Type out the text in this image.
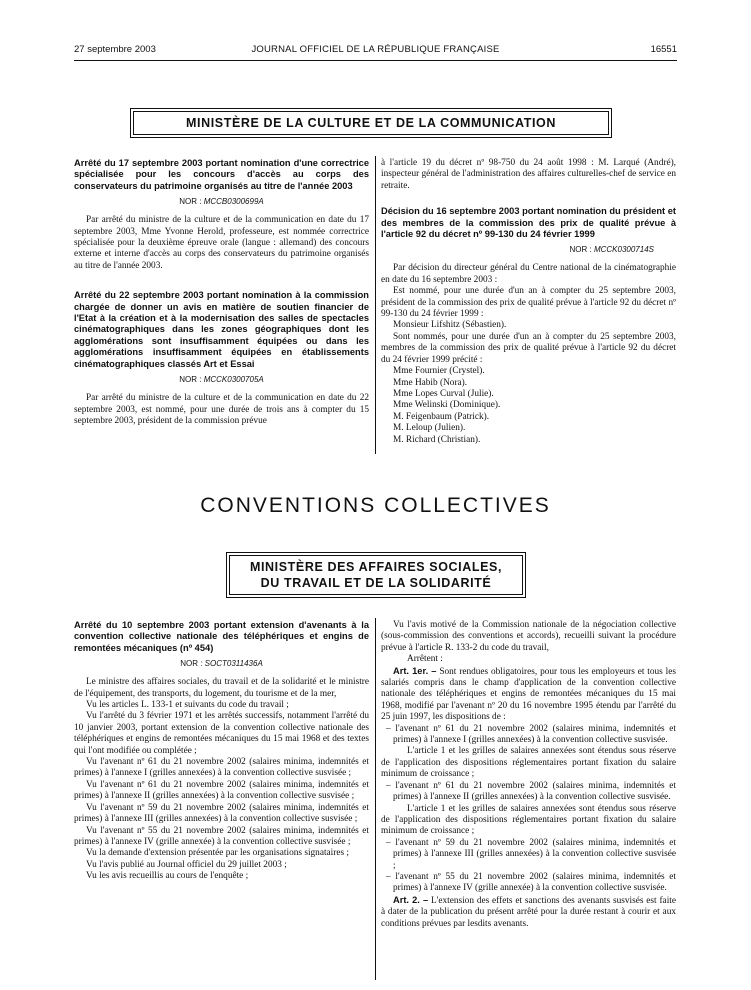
27 septembre 2003	JOURNAL OFFICIEL DE LA RÉPUBLIQUE FRANÇAISE	16551
MINISTÈRE DE LA CULTURE ET DE LA COMMUNICATION

Arrêté du 17 septembre 2003 portant nomination d'une correctrice spécialisée pour les concours d'accès au corps des conservateurs du patrimoine organisés au titre de l'année 2003

NOR : MCCB0300699A

Par arrêté du ministre de la culture et de la communication en date du 17 septembre 2003, Mme Yvonne Herold, professeure, est nommée correctrice spécialisée pour la deuxième épreuve orale (langue : allemand) des concours externe et interne d'accès au corps des conservateurs du patrimoine organisés au titre de l'année 2003.

Arrêté du 22 septembre 2003 portant nomination à la commission chargée de donner un avis en matière de soutien financier de l'Etat à la création et à la modernisation des salles de spectacles cinématographiques dans les zones géographiques dont les agglomérations sont insuffisamment équipées ou dans les agglomérations insuffisamment équipées en établissements cinématographiques classés Art et Essai

NOR : MCCK0300705A

Par arrêté du ministre de la culture et de la communication en date du 22 septembre 2003, est nommé, pour une durée de trois ans à compter du 15 septembre 2003, président de la commission prévue

à l'article 19 du décret nº 98-750 du 24 août 1998 : M. Larqué (André), inspecteur général de l'administration des affaires culturelles-chef de service en retraite.

Décision du 16 septembre 2003 portant nomination du président et des membres de la commission des prix de qualité prévue à l'article 92 du décret nº 99-130 du 24 février 1999

NOR : MCCK0300714S

Par décision du directeur général du Centre national de la cinématographie en date du 16 septembre 2003 :

Est nommé, pour une durée d'un an à compter du 25 septembre 2003, président de la commission des prix de qualité prévue à l'article 92 du décret nº 99-130 du 24 février 1999 :

Monsieur Lifshitz (Sébastien).

Sont nommés, pour une durée d'un an à compter du 25 septembre 2003, membres de la commission des prix de qualité prévue à l'article 92 du décret du 24 février 1999 précité :

Mme Fournier (Crystel).

Mme Habib (Nora).

Mme Lopes Curval (Julie).

Mme Welinski (Dominique).

M. Feigenbaum (Patrick).

M. Leloup (Julien).

M. Richard (Christian).

CONVENTIONS COLLECTIVES
MINISTÈRE DES AFFAIRES SOCIALES,
DU TRAVAIL ET DE LA SOLIDARITÉ

Arrêté du 10 septembre 2003 portant extension d'avenants à la convention collective nationale des téléphériques et engins de remontées mécaniques (nº 454)

NOR : SOCT0311436A

Le ministre des affaires sociales, du travail et de la solidarité et le ministre de l'équipement, des transports, du logement, du tourisme et de la mer,

Vu les articles L. 133-1 et suivants du code du travail ;

Vu l'arrêté du 3 février 1971 et les arrêtés successifs, notamment l'arrêté du 10 janvier 2003, portant extension de la convention collective nationale des téléphériques et engins de remontées mécaniques du 15 mai 1968 et des textes qui l'ont modifiée ou complétée ;

Vu l'avenant nº 61 du 21 novembre 2002 (salaires minima, indemnités et primes) à l'annexe I (grilles annexées) à la convention collective susvisée ;

Vu l'avenant nº 61 du 21 novembre 2002 (salaires minima, indemnités et primes) à l'annexe II (grilles annexées) à la convention collective susvisée ;

Vu l'avenant nº 59 du 21 novembre 2002 (salaires minima, indemnités et primes) à l'annexe III (grilles annexées) à la convention collective susvisée ;

Vu l'avenant nº 55 du 21 novembre 2002 (salaires minima, indemnités et primes) à l'annexe IV (grille annexée) à la convention collective susvisée ;

Vu la demande d'extension présentée par les organisations signataires ;

Vu l'avis publié au Journal officiel du 29 juillet 2003 ;

Vu les avis recueillis au cours de l'enquête ;

Vu l'avis motivé de la Commission nationale de la négociation collective (sous-commission des conventions et accords), recueilli suivant la procédure prévue à l'article R. 133-2 du code du travail,

Arrêtent :

Art. 1er. – Sont rendues obligatoires, pour tous les employeurs et tous les salariés compris dans le champ d'application de la convention collective nationale des téléphériques et engins de remontées mécaniques du 15 mai 1968, modifié par l'avenant nº 20 du 16 novembre 1995 étendu par l'arrêté du 25 juin 1997, les dispositions de :

– l'avenant nº 61 du 21 novembre 2002 (salaires minima, indemnités et primes) à l'annexe I (grilles annexées) à la convention collective susvisée.

L'article 1 et les grilles de salaires annexées sont étendus sous réserve de l'application des dispositions réglementaires portant fixation du salaire minimum de croissance ;

– l'avenant nº 61 du 21 novembre 2002 (salaires minima, indemnités et primes) à l'annexe II (grilles annexées) à la convention collective susvisée.

L'article 1 et les grilles de salaires annexées sont étendus sous réserve de l'application des dispositions réglementaires portant fixation du salaire minimum de croissance ;

– l'avenant nº 59 du 21 novembre 2002 (salaires minima, indemnités et primes) à l'annexe III (grilles annexées) à la convention collective susvisée ;

– l'avenant nº 55 du 21 novembre 2002 (salaires minima, indemnités et primes) à l'annexe IV (grille annexée) à la convention collective susvisée.

Art. 2. – L'extension des effets et sanctions des avenants susvisés est faite à dater de la publication du présent arrêté pour la durée restant à courir et aux conditions prévues par lesdits avenants.
